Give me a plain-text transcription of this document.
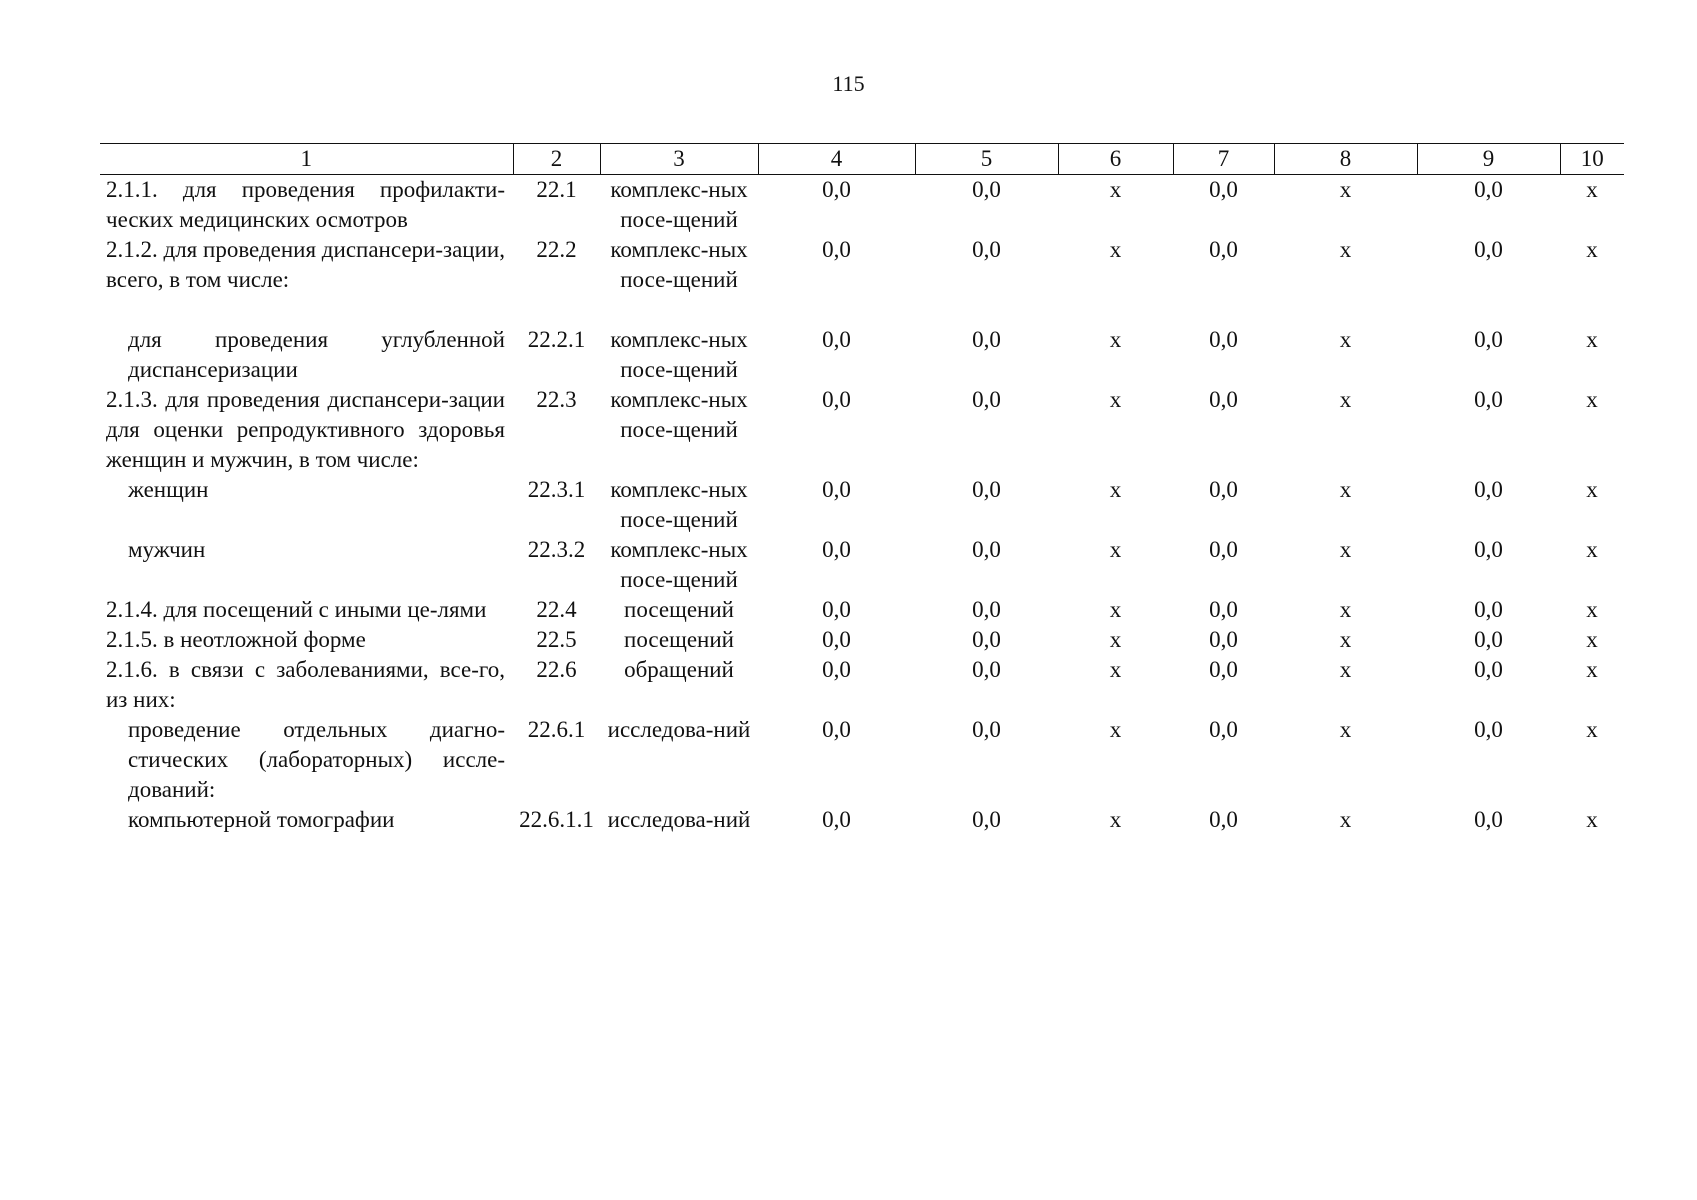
115
1	2	3	4	5	6	7	8	9	10
2.1.1. для проведения профилакти-ческих медицинских осмотров	22.1	комплекс-ных посе-щений	0,0	0,0	х	0,0	х	0,0	х
2.1.2. для проведения диспансери-зации, всего, в том числе:	22.2	комплекс-ных посе-щений	0,0	0,0	х	0,0	х	0,0	х
для проведения углубленной диспансеризации	22.2.1	комплекс-ных посе-щений	0,0	0,0	х	0,0	х	0,0	х
2.1.3. для проведения диспансери-зации для оценки репродуктивного здоровья женщин и мужчин, в том числе:	22.3	комплекс-ных посе-щений	0,0	0,0	х	0,0	х	0,0	х
женщин	22.3.1	комплекс-ных посе-щений	0,0	0,0	х	0,0	х	0,0	х
мужчин	22.3.2	комплекс-ных посе-щений	0,0	0,0	х	0,0	х	0,0	х
2.1.4. для посещений с иными це-лями	22.4	посещений	0,0	0,0	х	0,0	х	0,0	х
2.1.5. в неотложной форме	22.5	посещений	0,0	0,0	х	0,0	х	0,0	х
2.1.6. в связи с заболеваниями, все-го, из них:	22.6	обращений	0,0	0,0	х	0,0	х	0,0	х
проведение отдельных диагно-стических (лабораторных) иссле-дований:	22.6.1	исследова-ний	0,0	0,0	х	0,0	х	0,0	х
компьютерной томографии	22.6.1.1	исследова-ний	0,0	0,0	х	0,0	х	0,0	х
